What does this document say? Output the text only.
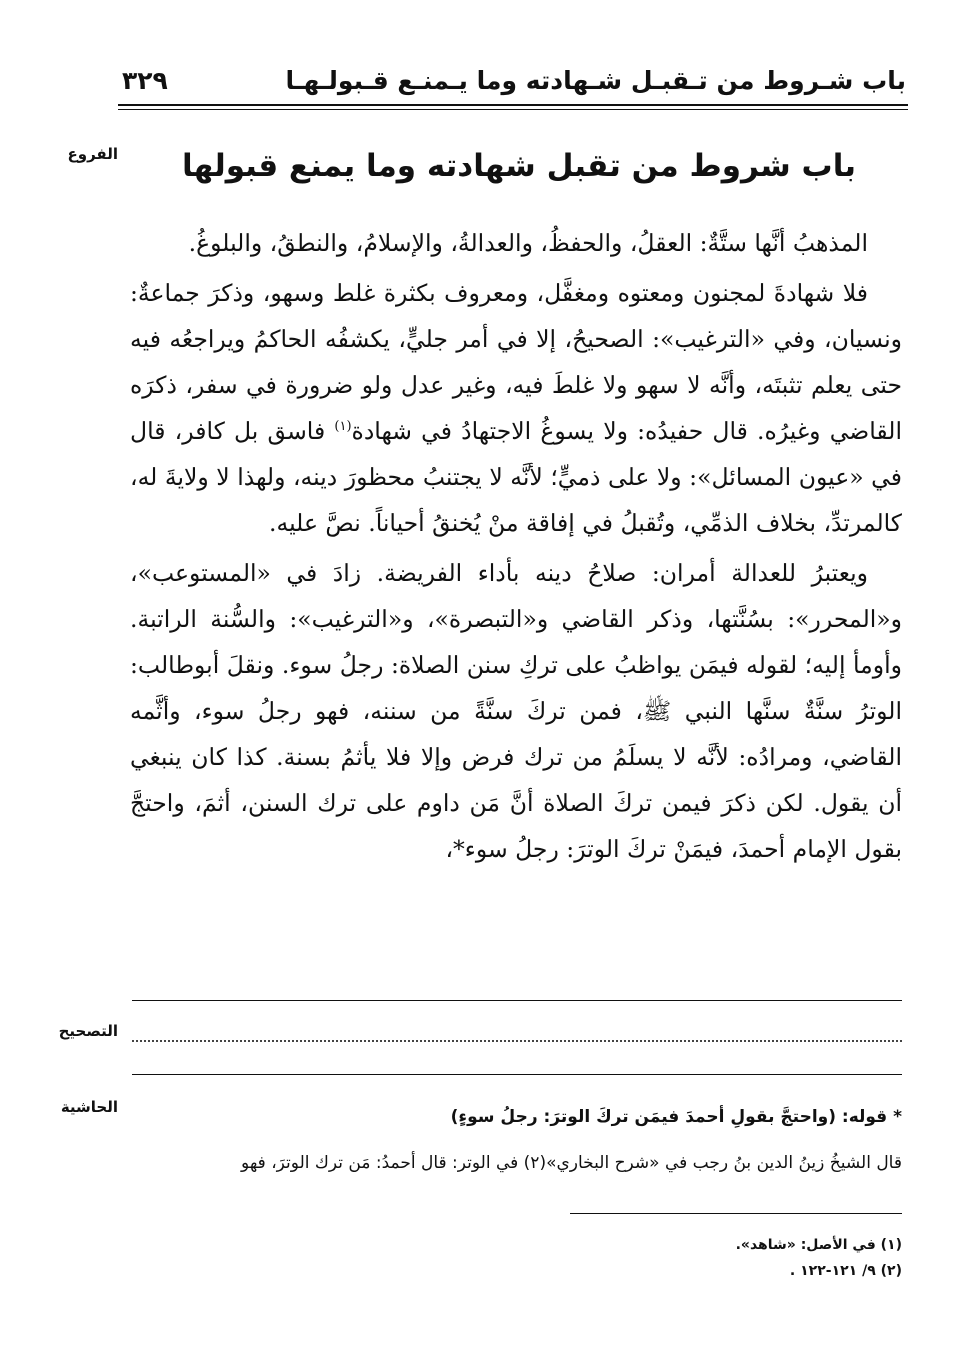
باب شـروط من تـقبـل شـهادته وما يـمنـع قـبولـهـا
٣٢٩
الفروع	باب شروط من تقبل شهادته وما يمنع قبولها

المذهبُ أنَّها ستَّةٌ: العقلُ، والحفظُ، والعدالةُ، والإسلامُ، والنطقُ، والبلوغُ.

فلا شهادةَ لمجنون ومعتوه ومغفَّل، ومعروف بكثرة غلط وسهو، وذكرَ جماعةٌ: ونسيان، وفي «الترغيب»: الصحيحُ، إلا في أمر جليٍّ، يكشفُه الحاكمُ ويراجعُه فيه حتى يعلم تثبتَه، وأنَّه لا سهو ولا غلطَ فيه، وغير عدل ولو ضرورة في سفر، ذكرَه القاضي وغيرُه. قال حفيدُه: ولا يسوغُ الاجتهادُ في شهادة$^{(١)}$ فاسق بل كافر، قال في «عيون المسائل»: ولا على ذميٍّ؛ لأنَّه لا يجتنبُ محظورَ دينه، ولهذا لا ولايةَ له، كالمرتدِّ، بخلاف الذمِّي، وتُقبلُ في إفاقة منْ يُخنقُ أحياناً. نصَّ عليه.

ويعتبرُ للعدالة أمران: صلاحُ دينه بأداء الفريضة. زادَ في «المستوعب»، و«المحرر»: بسُنَّتها، وذكر القاضي و«التبصرة»، و«الترغيب»: والسُّنة الراتبة. وأومأ إليه؛ لقوله فيمَن يواظبُ على تركِ سنن الصلاة: رجلُ سوء. ونقلَ أبوطالب: الوترُ سنَّةٌ سنَّها النبي ﷺ، فمن تركَ سنَّةً من سننه، فهو رجلُ سوء، وأثَّمه القاضي، ومرادُه: لأنَّه لا يسلَمُ من ترك فرض وإلا فلا يأثمُ بسنة. كذا كان ينبغي أن يقول. لكن ذكرَ فيمن تركَ الصلاة أنَّ مَن داوم على ترك السنن، أثمَ، واحتجَّ بقول الإمام أحمدَ، فيمَنْ تركَ الوترَ: رجلُ سوء*،

التصحيح
الحاشية	* قوله: (واحتجَّ بقولِ أحمدَ فيمَن تركَ الوترَ: رجلُ سوءٍ)
قال الشيخُ زينُ الدين بنُ رجب في «شرح البخاري»(٢) في الوتر: قال أحمدُ: مَن ترك الوترَ، فهو
(١) في الأصل: «شاهد».
(٢) ٩/ ١٢١-١٢٢ .
